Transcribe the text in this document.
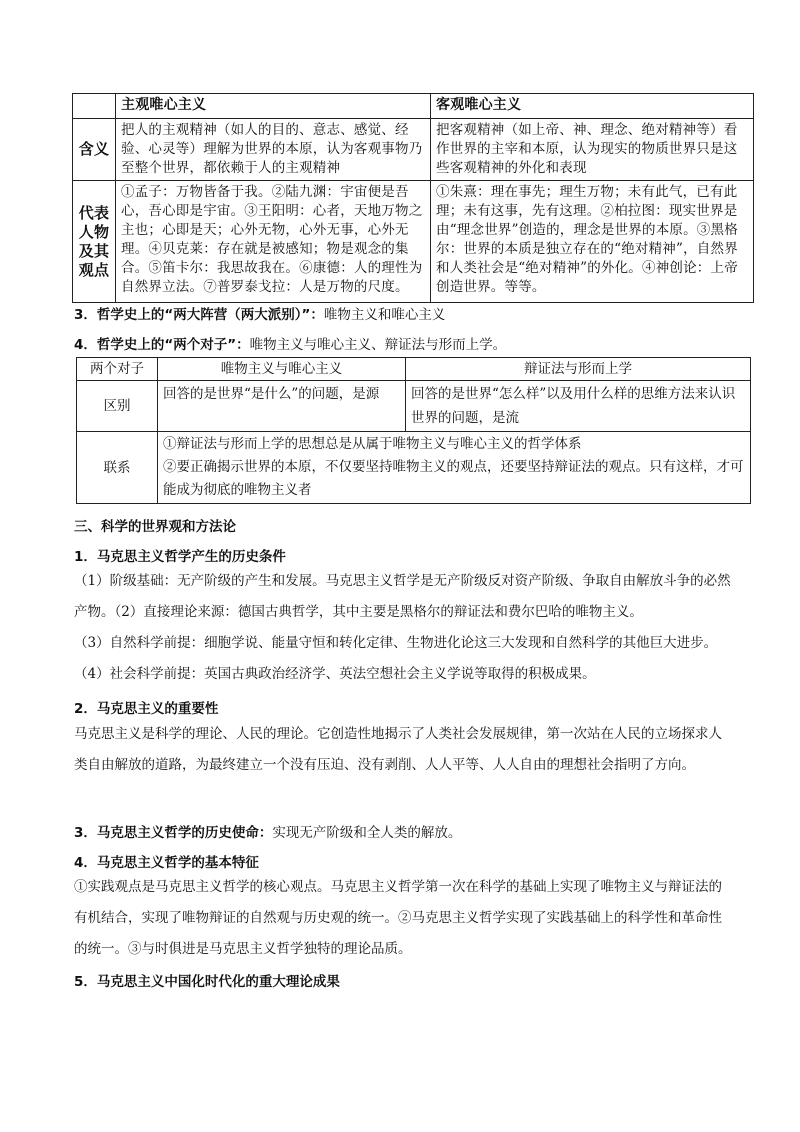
	主观唯心主义	客观唯心主义
含义	把人的主观精神（如人的目的、意志、感觉、经验、心灵等）理解为世界的本原，认为客观事物乃至整个世界，都依赖于人的主观精神	把客观精神（如上帝、神、理念、绝对精神等）看作世界的主宰和本原，认为现实的物质世界只是这些客观精神的外化和表现
代表人物及其观点	①孟子：万物皆备于我。②陆九渊：宇宙便是吾心，吾心即是宇宙。③王阳明：心者，天地万物之主也；心即是天；心外无物，心外无事，心外无理。④贝克莱：存在就是被感知；物是观念的集合。⑤笛卡尔：我思故我在。⑥康德：人的理性为自然界立法。⑦普罗泰戈拉：人是万物的尺度。	①朱熹：理在事先；理生万物；未有此气，已有此理；未有这事，先有这理。②柏拉图：现实世界是由“理念世界”创造的，理念是世界的本原。③黑格尔：世界的本质是独立存在的“绝对精神”，自然界和人类社会是“绝对精神”的外化。④神创论：上帝创造世界。等等。
3．哲学史上的“两大阵营（两大派别）”：唯物主义和唯心主义
4．哲学史上的“两个对子”：唯物主义与唯心主义、辩证法与形而上学。
两个对子	唯物主义与唯心主义	辩证法与形而上学
区别	回答的是世界“是什么”的问题，是源	回答的是世界“怎么样”以及用什么样的思维方法来认识世界的问题，是流
联系	①辩证法与形而上学的思想总是从属于唯物主义与唯心主义的哲学体系
②要正确揭示世界的本原，不仅要坚持唯物主义的观点，还要坚持辩证法的观点。只有这样，才可能成为彻底的唯物主义者	
三、科学的世界观和方法论
1．马克思主义哲学产生的历史条件
（1）阶级基础：无产阶级的产生和发展。马克思主义哲学是无产阶级反对资产阶级、争取自由解放斗争的必然产物。（2）直接理论来源：德国古典哲学，其中主要是黑格尔的辩证法和费尔巴哈的唯物主义。
（3）自然科学前提：细胞学说、能量守恒和转化定律、生物进化论这三大发现和自然科学的其他巨大进步。（4）社会科学前提：英国古典政治经济学、英法空想社会主义学说等取得的积极成果。
2．马克思主义的重要性
马克思主义是科学的理论、人民的理论。它创造性地揭示了人类社会发展规律，第一次站在人民的立场探求人类自由解放的道路，为最终建立一个没有压迫、没有剥削、人人平等、人人自由的理想社会指明了方向。
3．马克思主义哲学的历史使命：实现无产阶级和全人类的解放。
4．马克思主义哲学的基本特征
①实践观点是马克思主义哲学的核心观点。马克思主义哲学第一次在科学的基础上实现了唯物主义与辩证法的有机结合，实现了唯物辩证的自然观与历史观的统一。②马克思主义哲学实现了实践基础上的科学性和革命性的统一。③与时俱进是马克思主义哲学独特的理论品质。
5．马克思主义中国化时代化的重大理论成果
